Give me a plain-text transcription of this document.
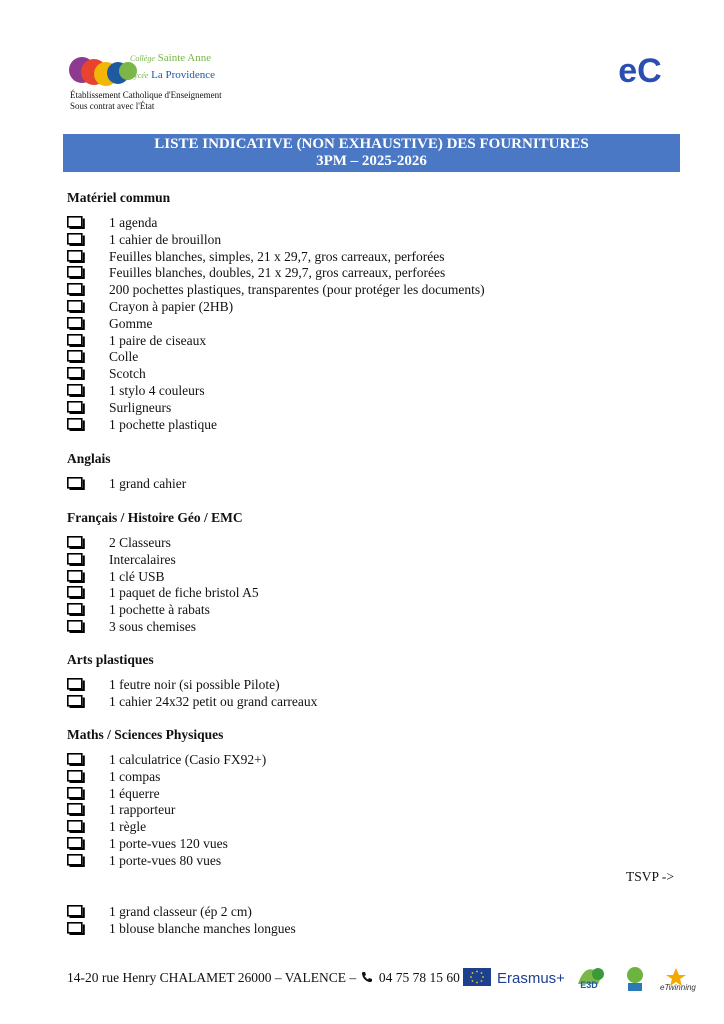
Collège Sainte Anne
Lycée La Providence
Établissement Catholique d'Enseignement
Sous contrat avec l'État
eC
LISTE INDICATIVE (NON EXHAUSTIVE) DES FOURNITURES
3PM – 2025-2026
Matériel commun
1 agenda
1 cahier de brouillon
Feuilles blanches, simples, 21 x 29,7, gros carreaux, perforées
Feuilles blanches, doubles, 21 x 29,7, gros carreaux, perforées
200 pochettes plastiques, transparentes (pour protéger les documents)
Crayon à papier (2HB)
Gomme
1 paire de ciseaux
Colle
Scotch
1 stylo 4 couleurs
Surligneurs
1 pochette plastique
Anglais
1 grand cahier
Français / Histoire Géo / EMC
2 Classeurs
Intercalaires
1 clé USB
1 paquet de fiche bristol A5
1 pochette à rabats
3 sous chemises
Arts plastiques
1 feutre noir (si possible Pilote)
1 cahier 24x32 petit ou grand carreaux
Maths / Sciences Physiques
1 calculatrice (Casio FX92+)
1 compas
1 équerre
1 rapporteur
1 règle
1 porte-vues 120 vues
1 porte-vues 80 vues
TSVP ->
1 grand classeur (ép 2 cm)
1 blouse blanche manches longues
14-20 rue Henry CHALAMET 26000 – VALENCE – 04 75 78 15 60 Erasmus+ E3D	eTwinning
